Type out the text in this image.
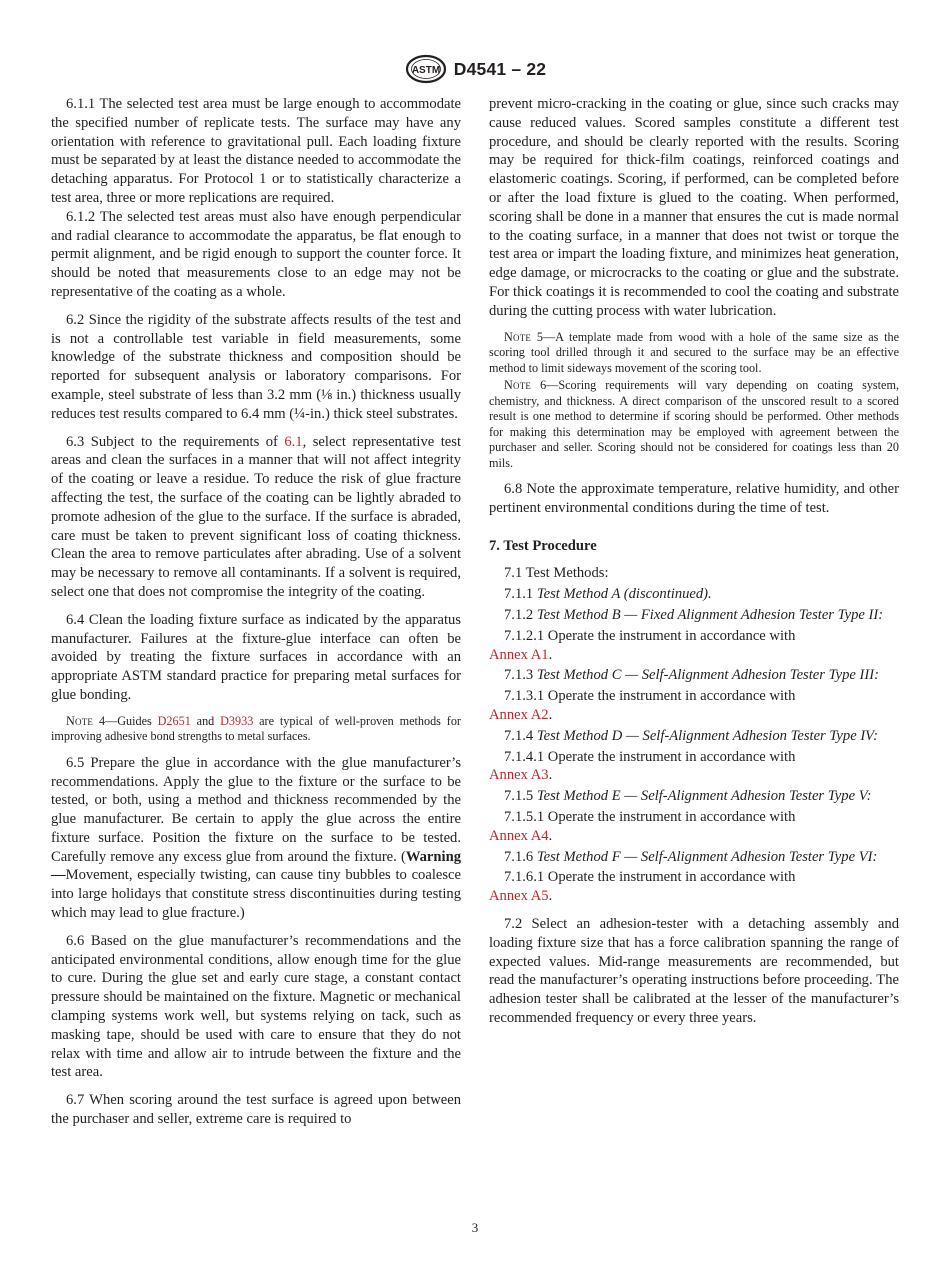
ASTM D4541 – 22

6.1.1 The selected test area must be large enough to accommodate the specified number of replicate tests. The surface may have any orientation with reference to gravitational pull. Each loading fixture must be separated by at least the distance needed to accommodate the detaching apparatus. For Protocol 1 or to statistically characterize a test area, three or more replications are required.

6.1.2 The selected test areas must also have enough perpendicular and radial clearance to accommodate the apparatus, be flat enough to permit alignment, and be rigid enough to support the counter force. It should be noted that measurements close to an edge may not be representative of the coating as a whole.

6.2 Since the rigidity of the substrate affects results of the test and is not a controllable test variable in field measurements, some knowledge of the substrate thickness and composition should be reported for subsequent analysis or laboratory comparisons. For example, steel substrate of less than 3.2 mm (⅛ in.) thickness usually reduces test results compared to 6.4 mm (¼-in.) thick steel substrates.

6.3 Subject to the requirements of 6.1, select representative test areas and clean the surfaces in a manner that will not affect integrity of the coating or leave a residue. To reduce the risk of glue fracture affecting the test, the surface of the coating can be lightly abraded to promote adhesion of the glue to the surface. If the surface is abraded, care must be taken to prevent significant loss of coating thickness. Clean the area to remove particulates after abrading. Use of a solvent may be necessary to remove all contaminants. If a solvent is required, select one that does not compromise the integrity of the coating.

6.4 Clean the loading fixture surface as indicated by the apparatus manufacturer. Failures at the fixture-glue interface can often be avoided by treating the fixture surfaces in accordance with an appropriate ASTM standard practice for preparing metal surfaces for glue bonding.

Note 4—Guides D2651 and D3933 are typical of well-proven methods for improving adhesive bond strengths to metal surfaces.

6.5 Prepare the glue in accordance with the glue manufacturer’s recommendations. Apply the glue to the fixture or the surface to be tested, or both, using a method and thickness recommended by the glue manufacturer. Be certain to apply the glue across the entire fixture surface. Position the fixture on the surface to be tested. Carefully remove any excess glue from around the fixture. (Warning—Movement, especially twisting, can cause tiny bubbles to coalesce into large holidays that constitute stress discontinuities during testing which may lead to glue fracture.)

6.6 Based on the glue manufacturer’s recommendations and the anticipated environmental conditions, allow enough time for the glue to cure. During the glue set and early cure stage, a constant contact pressure should be maintained on the fixture. Magnetic or mechanical clamping systems work well, but systems relying on tack, such as masking tape, should be used with care to ensure that they do not relax with time and allow air to intrude between the fixture and the test area.

6.7 When scoring around the test surface is agreed upon between the purchaser and seller, extreme care is required to

prevent micro-cracking in the coating or glue, since such cracks may cause reduced values. Scored samples constitute a different test procedure, and should be clearly reported with the results. Scoring may be required for thick-film coatings, reinforced coatings and elastomeric coatings. Scoring, if performed, can be completed before or after the load fixture is glued to the coating. When performed, scoring shall be done in a manner that ensures the cut is made normal to the coating surface, in a manner that does not twist or torque the test area or impart the loading fixture, and minimizes heat generation, edge damage, or microcracks to the coating or glue and the substrate. For thick coatings it is recommended to cool the coating and substrate during the cutting process with water lubrication.

Note 5—A template made from wood with a hole of the same size as the scoring tool drilled through it and secured to the surface may be an effective method to limit sideways movement of the scoring tool.

Note 6—Scoring requirements will vary depending on coating system, chemistry, and thickness. A direct comparison of the unscored result to a scored result is one method to determine if scoring should be performed. Other methods for making this determination may be employed with agreement between the purchaser and seller. Scoring should not be considered for coatings less than 20 mils.

6.8 Note the approximate temperature, relative humidity, and other pertinent environmental conditions during the time of test.

7. Test Procedure

7.1 Test Methods:

7.1.1 Test Method A (discontinued).

7.1.2 Test Method B — Fixed Alignment Adhesion Tester Type II:

7.1.2.1 Operate the instrument in accordance with
Annex A1.

7.1.3 Test Method C — Self-Alignment Adhesion Tester Type III:

7.1.3.1 Operate the instrument in accordance with
Annex A2.

7.1.4 Test Method D — Self-Alignment Adhesion Tester Type IV:

7.1.4.1 Operate the instrument in accordance with
Annex A3.

7.1.5 Test Method E — Self-Alignment Adhesion Tester Type V:

7.1.5.1 Operate the instrument in accordance with
Annex A4.

7.1.6 Test Method F — Self-Alignment Adhesion Tester Type VI:

7.1.6.1 Operate the instrument in accordance with
Annex A5.

7.2 Select an adhesion-tester with a detaching assembly and loading fixture size that has a force calibration spanning the range of expected values. Mid-range measurements are recommended, but read the manufacturer’s operating instructions before proceeding. The adhesion tester shall be calibrated at the lesser of the manufacturer’s recommended frequency or every three years.

3
